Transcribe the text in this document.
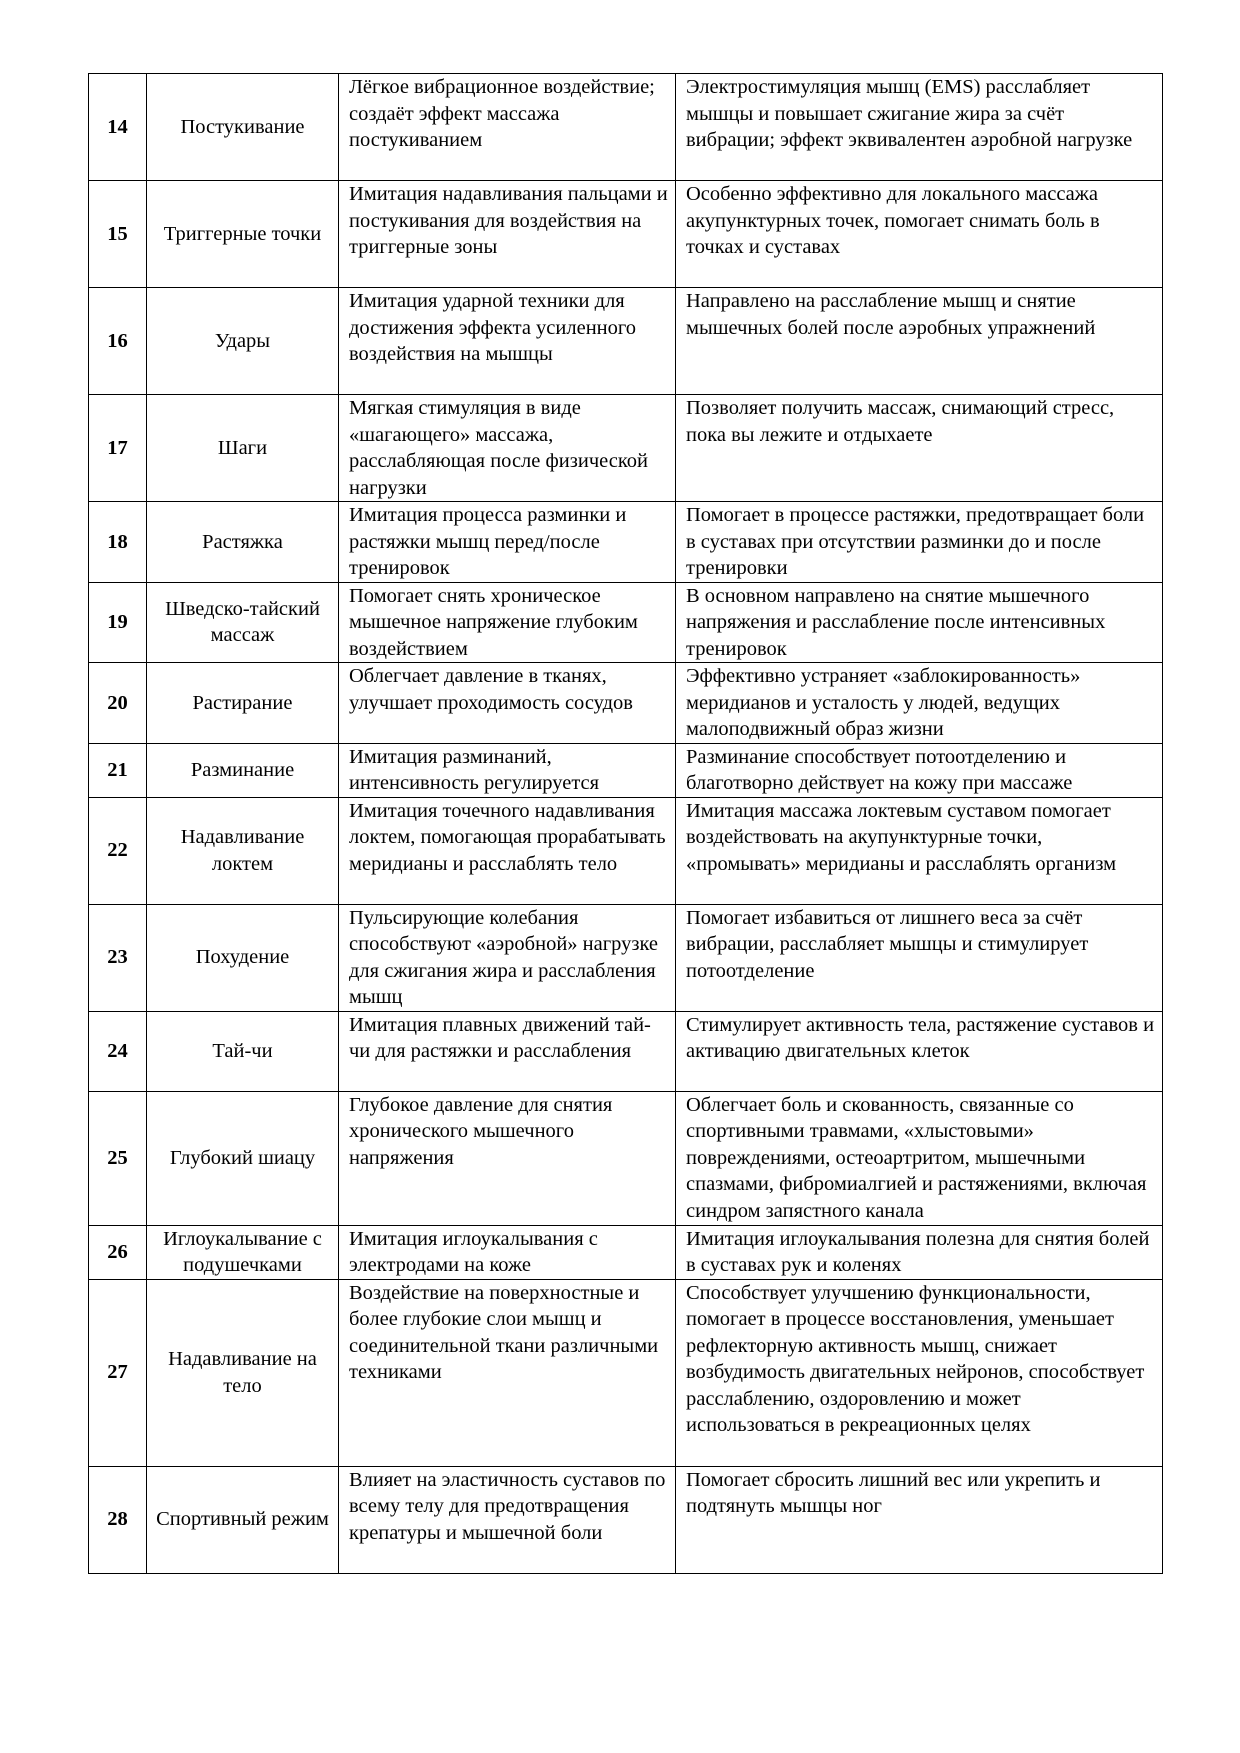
14	Постукивание	Лёгкое вибрационное воздействие; создаёт эффект массажа постукиванием	Электростимуляция мышц (EMS) расслабляет мышцы и повышает сжигание жира за счёт вибрации; эффект эквивалентен аэробной нагрузке
15	Триггерные точки	Имитация надавливания пальцами и постукивания для воздействия на триггерные зоны	Особенно эффективно для локального массажа акупунктурных точек, помогает снимать боль в точках и суставах
16	Удары	Имитация ударной техники для достижения эффекта усиленного воздействия на мышцы	Направлено на расслабление мышц и снятие мышечных болей после аэробных упражнений
17	Шаги	Мягкая стимуляция в виде «шагающего» массажа, расслабляющая после физической нагрузки	Позволяет получить массаж, снимающий стресс, пока вы лежите и отдыхаете
18	Растяжка	Имитация процесса разминки и растяжки мышц перед/после тренировок	Помогает в процессе растяжки, предотвращает боли в суставах при отсутствии разминки до и после тренировки
19	Шведско-тайский массаж	Помогает снять хроническое мышечное напряжение глубоким воздействием	В основном направлено на снятие мышечного напряжения и расслабление после интенсивных тренировок
20	Растирание	Облегчает давление в тканях, улучшает проходимость сосудов	Эффективно устраняет «заблокированность» меридианов и усталость у людей, ведущих малоподвижный образ жизни
21	Разминание	Имитация разминаний, интенсивность регулируется	Разминание способствует потоотделению и благотворно действует на кожу при массаже
22	Надавливание локтем	Имитация точечного надавливания локтем, помогающая прорабатывать меридианы и расслаблять тело	Имитация массажа локтевым суставом помогает воздействовать на акупунктурные точки, «промывать» меридианы и расслаблять организм
23	Похудение	Пульсирующие колебания способствуют «аэробной» нагрузке для сжигания жира и расслабления мышц	Помогает избавиться от лишнего веса за счёт вибрации, расслабляет мышцы и стимулирует потоотделение
24	Тай-чи	Имитация плавных движений тай-чи для растяжки и расслабления	Стимулирует активность тела, растяжение суставов и активацию двигательных клеток
25	Глубокий шиацу	Глубокое давление для снятия хронического мышечного напряжения	Облегчает боль и скованность, связанные со спортивными травмами, «хлыстовыми» повреждениями, остеоартритом, мышечными спазмами, фибромиалгией и растяжениями, включая синдром запястного канала
26	Иглоукалывание с подушечками	Имитация иглоукалывания с электродами на коже	Имитация иглоукалывания полезна для снятия болей в суставах рук и коленях
27	Надавливание на тело	Воздействие на поверхностные и более глубокие слои мышц и соединительной ткани различными техниками	Способствует улучшению функциональности, помогает в процессе восстановления, уменьшает рефлекторную активность мышц, снижает возбудимость двигательных нейронов, способствует расслаблению, оздоровлению и может использоваться в рекреационных целях
28	Спортивный режим	Влияет на эластичность суставов по всему телу для предотвращения крепатуры и мышечной боли	Помогает сбросить лишний вес или укрепить и подтянуть мышцы ног
